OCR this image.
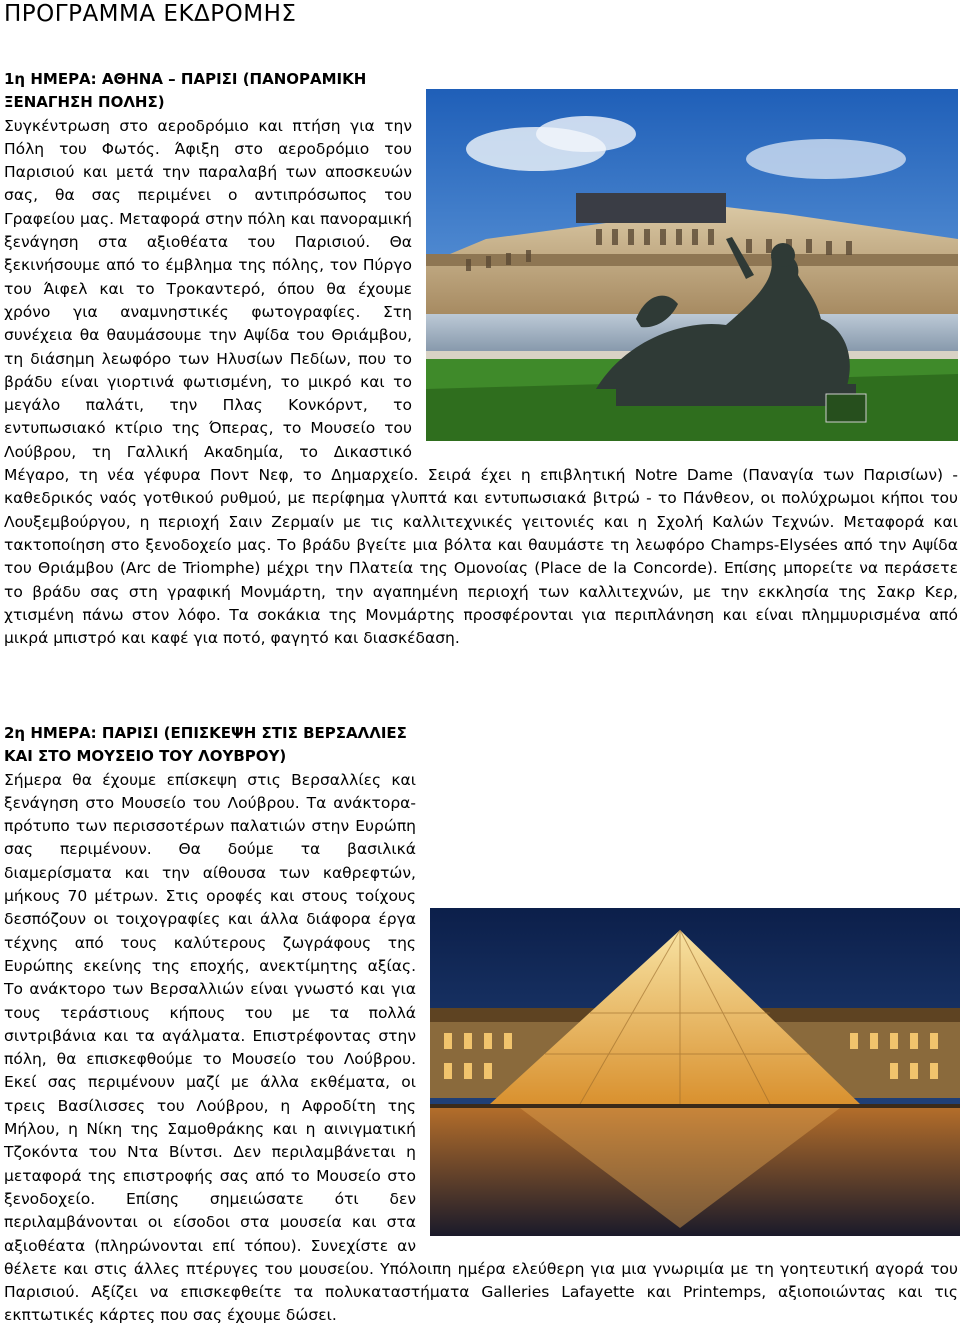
ΠΡΟΓΡΑΜΜΑ ΕΚΔΡΟΜΗΣ

1η ΗΜΕΡΑ: ΑΘΗΝΑ – ΠΑΡΙΣΙ (ΠΑΝΟΡΑΜΙΚΗ ΞΕΝΑΓΗΣΗ ΠΟΛΗΣ)

Συγκέντρωση στο αεροδρόμιο και πτήση για την Πόλη του Φωτός. Άφιξη στο αεροδρόμιο του Παρισιού και μετά την παραλαβή των αποσκευών σας, θα σας περιμένει ο αντιπρόσωπος του Γραφείου μας. Μεταφορά στην πόλη και πανοραμική ξενάγηση στα αξιοθέατα του Παρισιού. Θα ξεκινήσουμε από το έμβλημα της πόλης, τον Πύργο του Άιφελ και το Τροκαντερό, όπου θα έχουμε χρόνο για αναμνηστικές φωτογραφίες. Στη συνέχεια θα θαυμάσουμε την Αψίδα του Θριάμβου, τη διάσημη λεωφόρο των Ηλυσίων Πεδίων, που το βράδυ είναι γιορτινά φωτισμένη, το μικρό και το μεγάλο παλάτι, την Πλας Κονκόρντ, το εντυπωσιακό κτίριο της Όπερας, το Μουσείο του Λούβρου, τη Γαλλική Ακαδημία, το Δικαστικό Μέγαρο, τη νέα γέφυρα Ποντ Νεφ, το Δημαρχείο. Σειρά έχει η επιβλητική Notre Dame (Παναγία των Παρισίων) - καθεδρικός ναός γοτθικού ρυθμού, με περίφημα γλυπτά και εντυπωσιακά βιτρώ - το Πάνθεον, οι πολύχρωμοι κήποι του Λουξεμβούργου, η περιοχή Σαιν Ζερμαίν με τις καλλιτεχνικές γειτονιές και η Σχολή Καλών Τεχνών. Μεταφορά και τακτοποίηση στο ξενοδοχείο μας. Το βράδυ βγείτε μια βόλτα και θαυμάστε τη λεωφόρο Champs-Elysées από την Αψίδα του Θριάμβου (Arc de Triomphe) μέχρι την Πλατεία της Ομονοίας (Place de la Concorde). Επίσης μπορείτε να περάσετε το βράδυ σας στη γραφική Μονμάρτη, την αγαπημένη περιοχή των καλλιτεχνών, με την εκκλησία της Σακρ Κερ, χτισμένη πάνω στον λόφο. Τα σοκάκια της Μονμάρτης προσφέρονται για περιπλάνηση και είναι πλημμυρισμένα από μικρά μπιστρό και καφέ για ποτό, φαγητό και διασκέδαση.

2η ΗΜΕΡΑ: ΠΑΡΙΣΙ (ΕΠΙΣΚΕΨΗ ΣΤΙΣ ΒΕΡΣΑΛΛΙΕΣ ΚΑΙ ΣΤΟ ΜΟΥΣΕΙΟ ΤΟΥ ΛΟΥΒΡΟΥ)

Σήμερα θα έχουμε επίσκεψη στις Βερσαλλίες και ξενάγηση στο Μουσείο του Λούβρου. Τα ανάκτορα-πρότυπο των περισσοτέρων παλατιών στην Ευρώπη σας περιμένουν. Θα δούμε τα βασιλικά διαμερίσματα και την αίθουσα των καθρεφτών, μήκους 70 μέτρων. Στις οροφές και στους τοίχους δεσπόζουν οι τοιχογραφίες και άλλα διάφορα έργα τέχνης από τους καλύτερους ζωγράφους της Ευρώπης εκείνης της εποχής, ανεκτίμητης αξίας. Το ανάκτορο των Βερσαλλιών είναι γνωστό και για τους τεράστιους κήπους του με τα πολλά σιντριβάνια και τα αγάλματα. Επιστρέφοντας στην πόλη, θα επισκεφθούμε το Μουσείο του Λούβρου. Εκεί σας περιμένουν μαζί με άλλα εκθέματα, οι τρεις Βασίλισσες του Λούβρου, η Αφροδίτη της Μήλου, η Νίκη της Σαμοθράκης και η αινιγματική Τζοκόντα του Ντα Βίντσι. Δεν περιλαμβάνεται η μεταφορά της επιστροφής σας από το Μουσείο στο ξενοδοχείο. Επίσης σημειώσατε ότι δεν περιλαμβάνονται οι είσοδοι στα μουσεία και στα αξιοθέατα (πληρώνονται επί τόπου). Συνεχίστε αν θέλετε και στις άλλες πτέρυγες του μουσείου. Υπόλοιπη ημέρα ελεύθερη για μια γνωριμία με τη γοητευτική αγορά του Παρισιού. Αξίζει να επισκεφθείτε τα πολυκαταστήματα Galleries Lafayette και Printemps, αξιοποιώντας και τις εκπτωτικές κάρτες που σας έχουμε δώσει.
